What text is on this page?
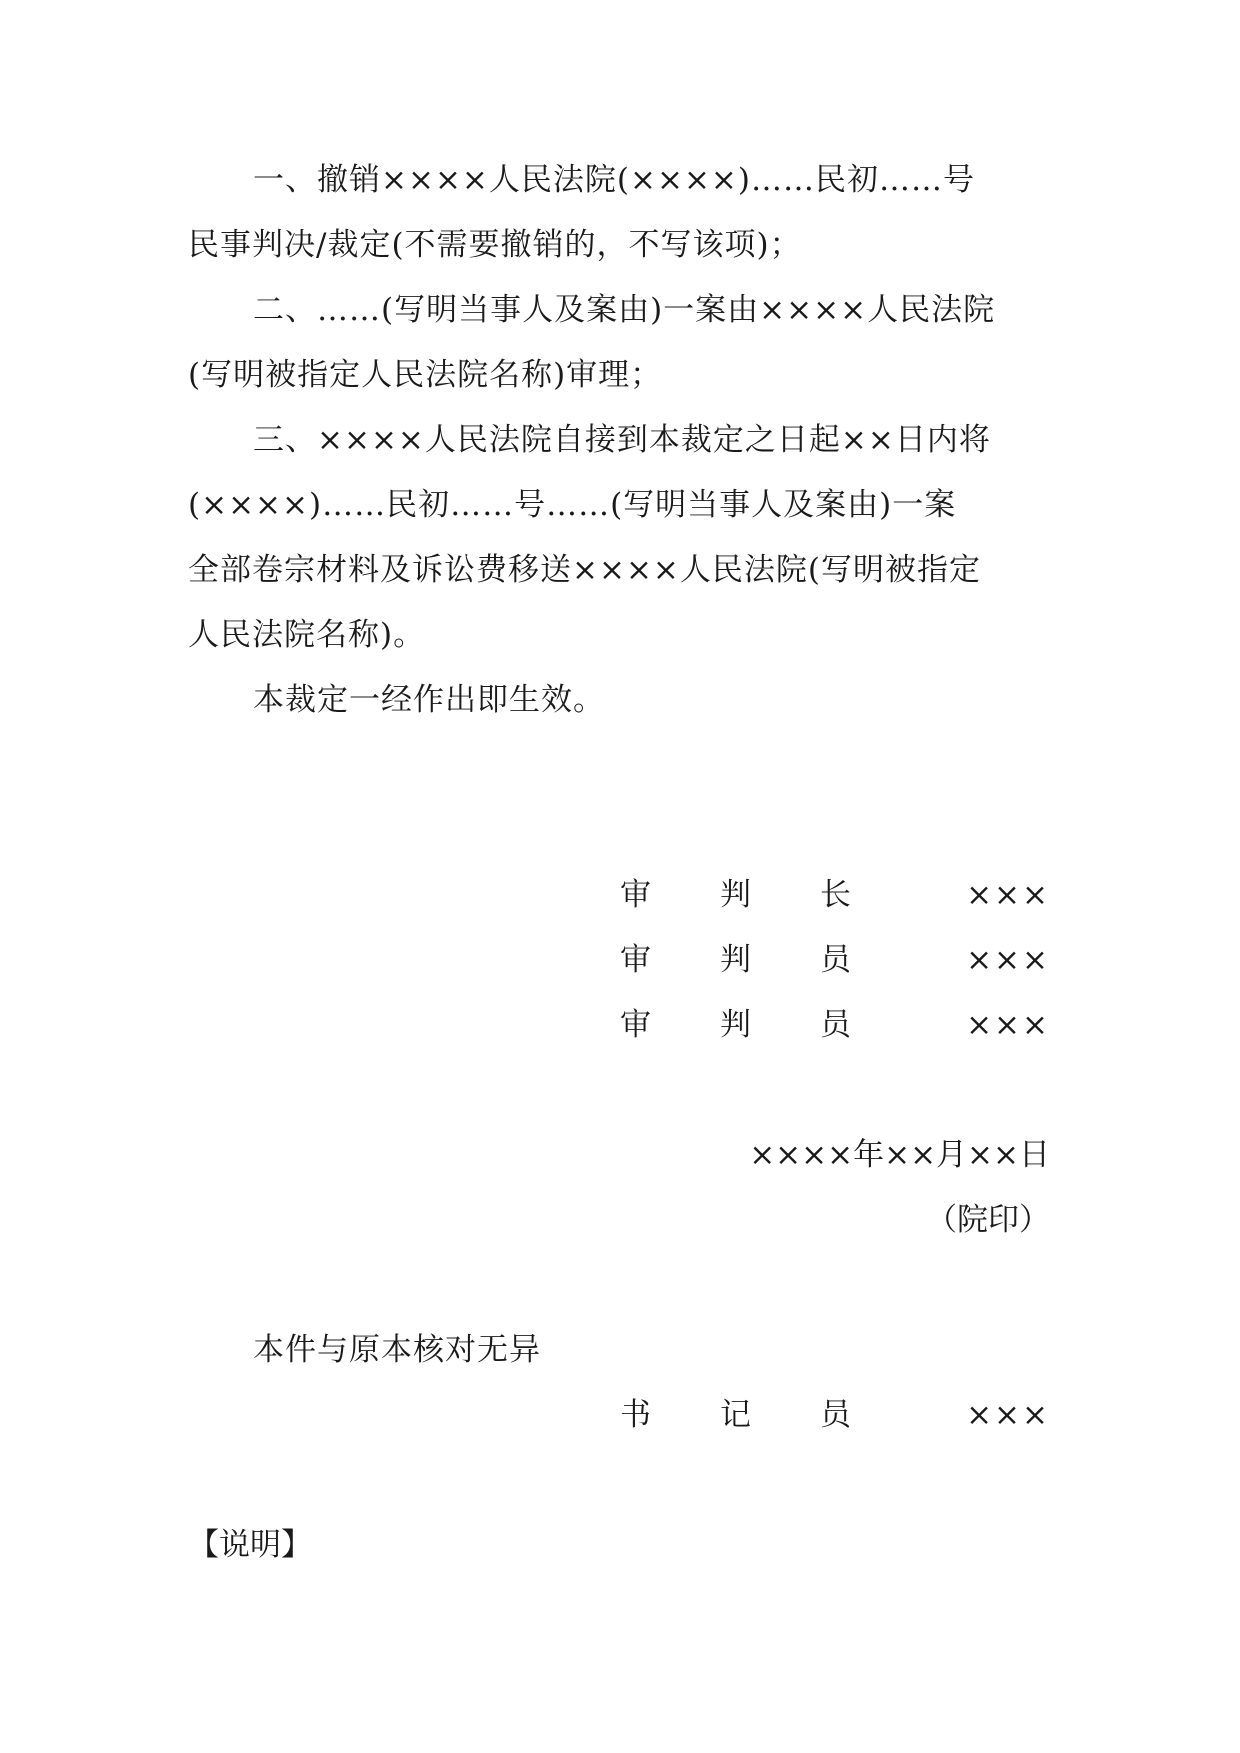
一、撤销××××人民法院(××××)……民初……号
民事判决/裁定(不需要撤销的，不写该项)；
二、……(写明当事人及案由)一案由××××人民法院
(写明被指定人民法院名称)审理；
三、××××人民法院自接到本裁定之日起××日内将
(××××)……民初……号……(写明当事人及案由)一案
全部卷宗材料及诉讼费移送××××人民法院(写明被指定
人民法院名称)。
本裁定一经作出即生效。
审 判 长	×××
审 判 员	×××
审 判 员	×××
××××年××月××日
（院印）
本件与原本核对无异
书 记 员	×××
【说明】
